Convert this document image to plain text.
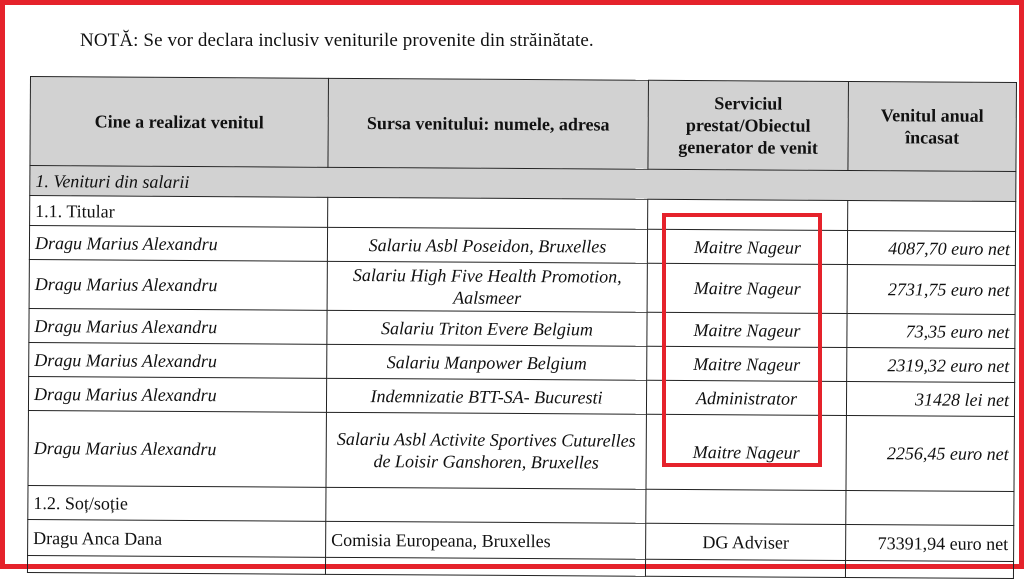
NOTĂ: Se vor declara inclusiv veniturile provenite din străinătate.
Cine a realizat venitul	Sursa venitului: numele, adresa	Serviciul prestat/Obiectul generator de venit	Venitul anual încasat
1. Venituri din salarii			
1.1. Titular			
Dragu Marius Alexandru	Salariu Asbl Poseidon, Bruxelles	Maitre Nageur	4087,70 euro net
Dragu Marius Alexandru	Salariu High Five Health Promotion, Aalsmeer	Maitre Nageur	2731,75 euro net
Dragu Marius Alexandru	Salariu Triton Evere Belgium	Maitre Nageur	73,35 euro net
Dragu Marius Alexandru	Salariu Manpower Belgium	Maitre Nageur	2319,32 euro net
Dragu Marius Alexandru	Indemnizatie BTT-SA- Bucuresti	Administrator	31428 lei net
Dragu Marius Alexandru	Salariu Asbl Activite Sportives Cuturelles de Loisir Ganshoren, Bruxelles	Maitre Nageur	2256,45 euro net
1.2. Soț/soție			
Dragu Anca Dana	Comisia Europeana, Bruxelles	DG Adviser	73391,94 euro net
